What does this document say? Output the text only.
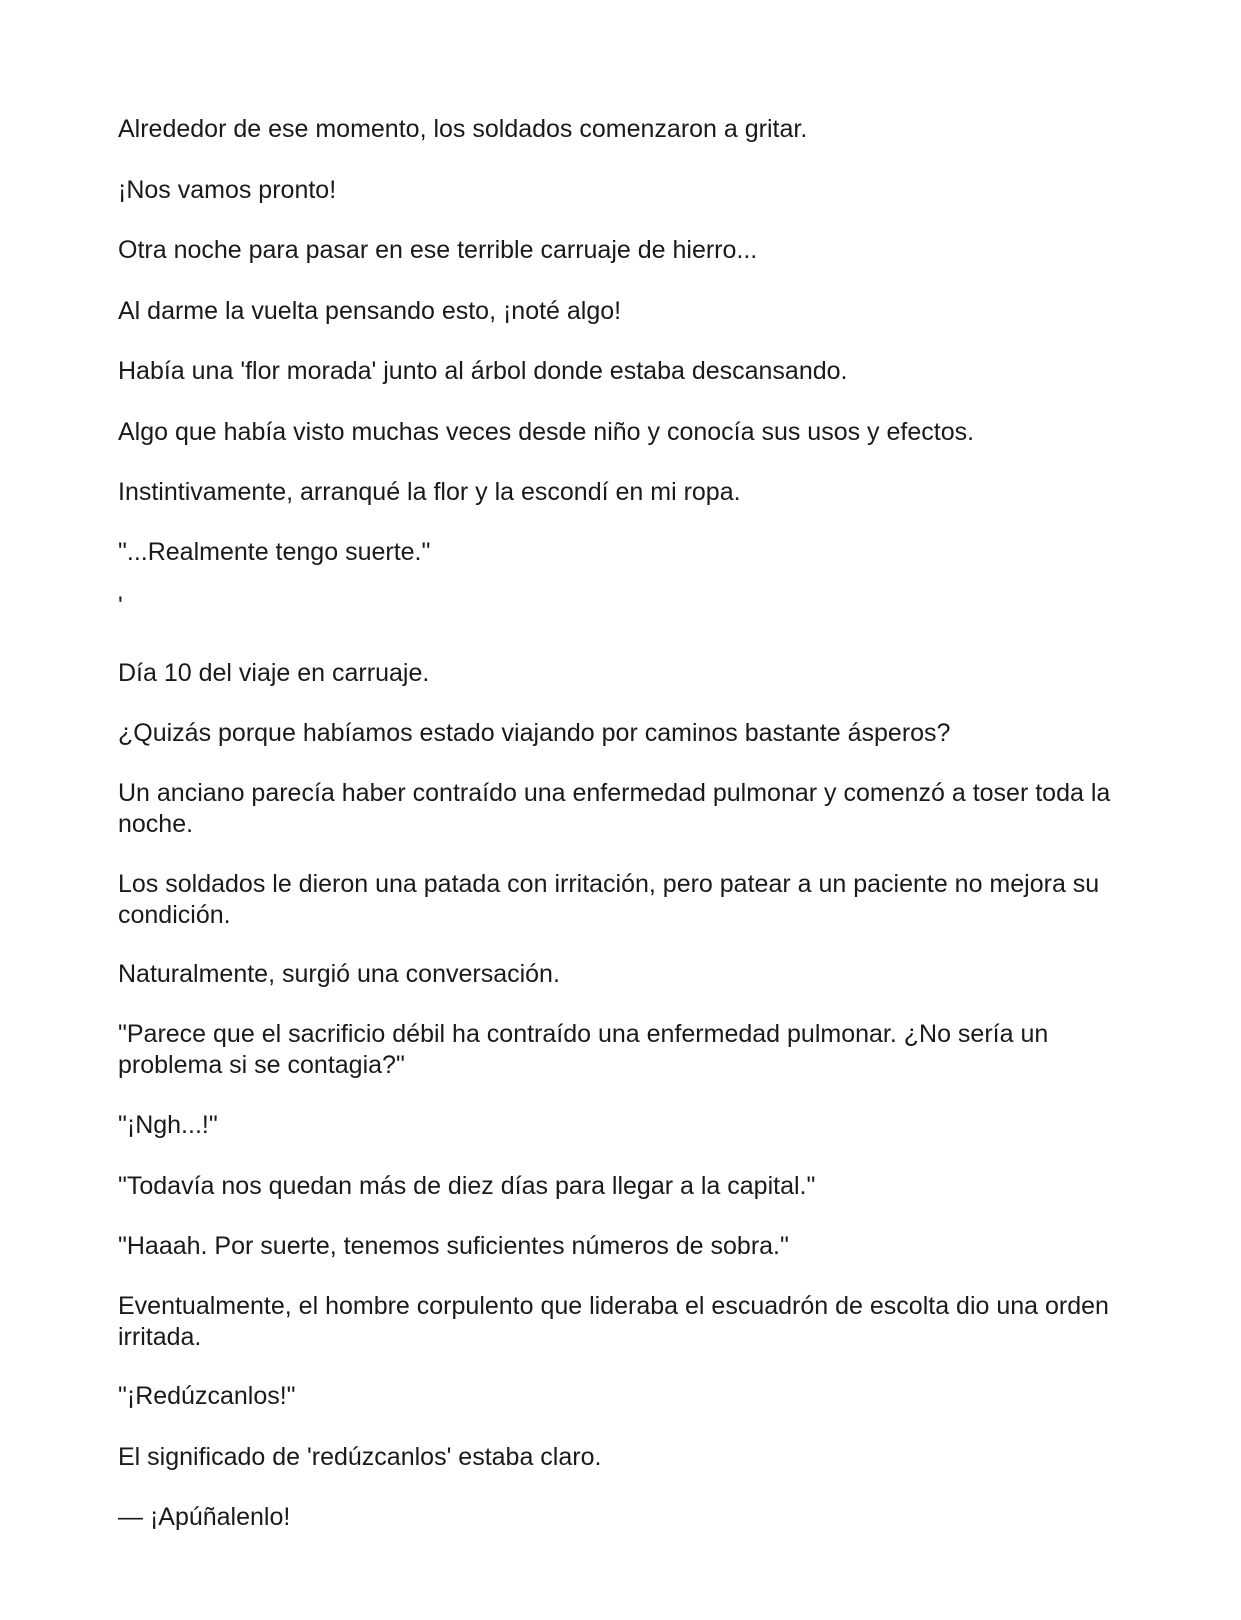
Alrededor de ese momento, los soldados comenzaron a gritar.

¡Nos vamos pronto!

Otra noche para pasar en ese terrible carruaje de hierro...

Al darme la vuelta pensando esto, ¡noté algo!

Había una 'flor morada' junto al árbol donde estaba descansando.

Algo que había visto muchas veces desde niño y conocía sus usos y efectos.

Instintivamente, arranqué la flor y la escondí en mi ropa.

"...Realmente tengo suerte."

'

Día 10 del viaje en carruaje.

¿Quizás porque habíamos estado viajando por caminos bastante ásperos?

Un anciano parecía haber contraído una enfermedad pulmonar y comenzó a toser toda la noche.

Los soldados le dieron una patada con irritación, pero patear a un paciente no mejora su condición.

Naturalmente, surgió una conversación.

"Parece que el sacrificio débil ha contraído una enfermedad pulmonar. ¿No sería un problema si se contagia?"

"¡Ngh...!"

"Todavía nos quedan más de diez días para llegar a la capital."

"Haaah. Por suerte, tenemos suficientes números de sobra."

Eventualmente, el hombre corpulento que lideraba el escuadrón de escolta dio una orden irritada.

"¡Redúzcanlos!"

El significado de 'redúzcanlos' estaba claro.

— ¡Apúñalenlo!
